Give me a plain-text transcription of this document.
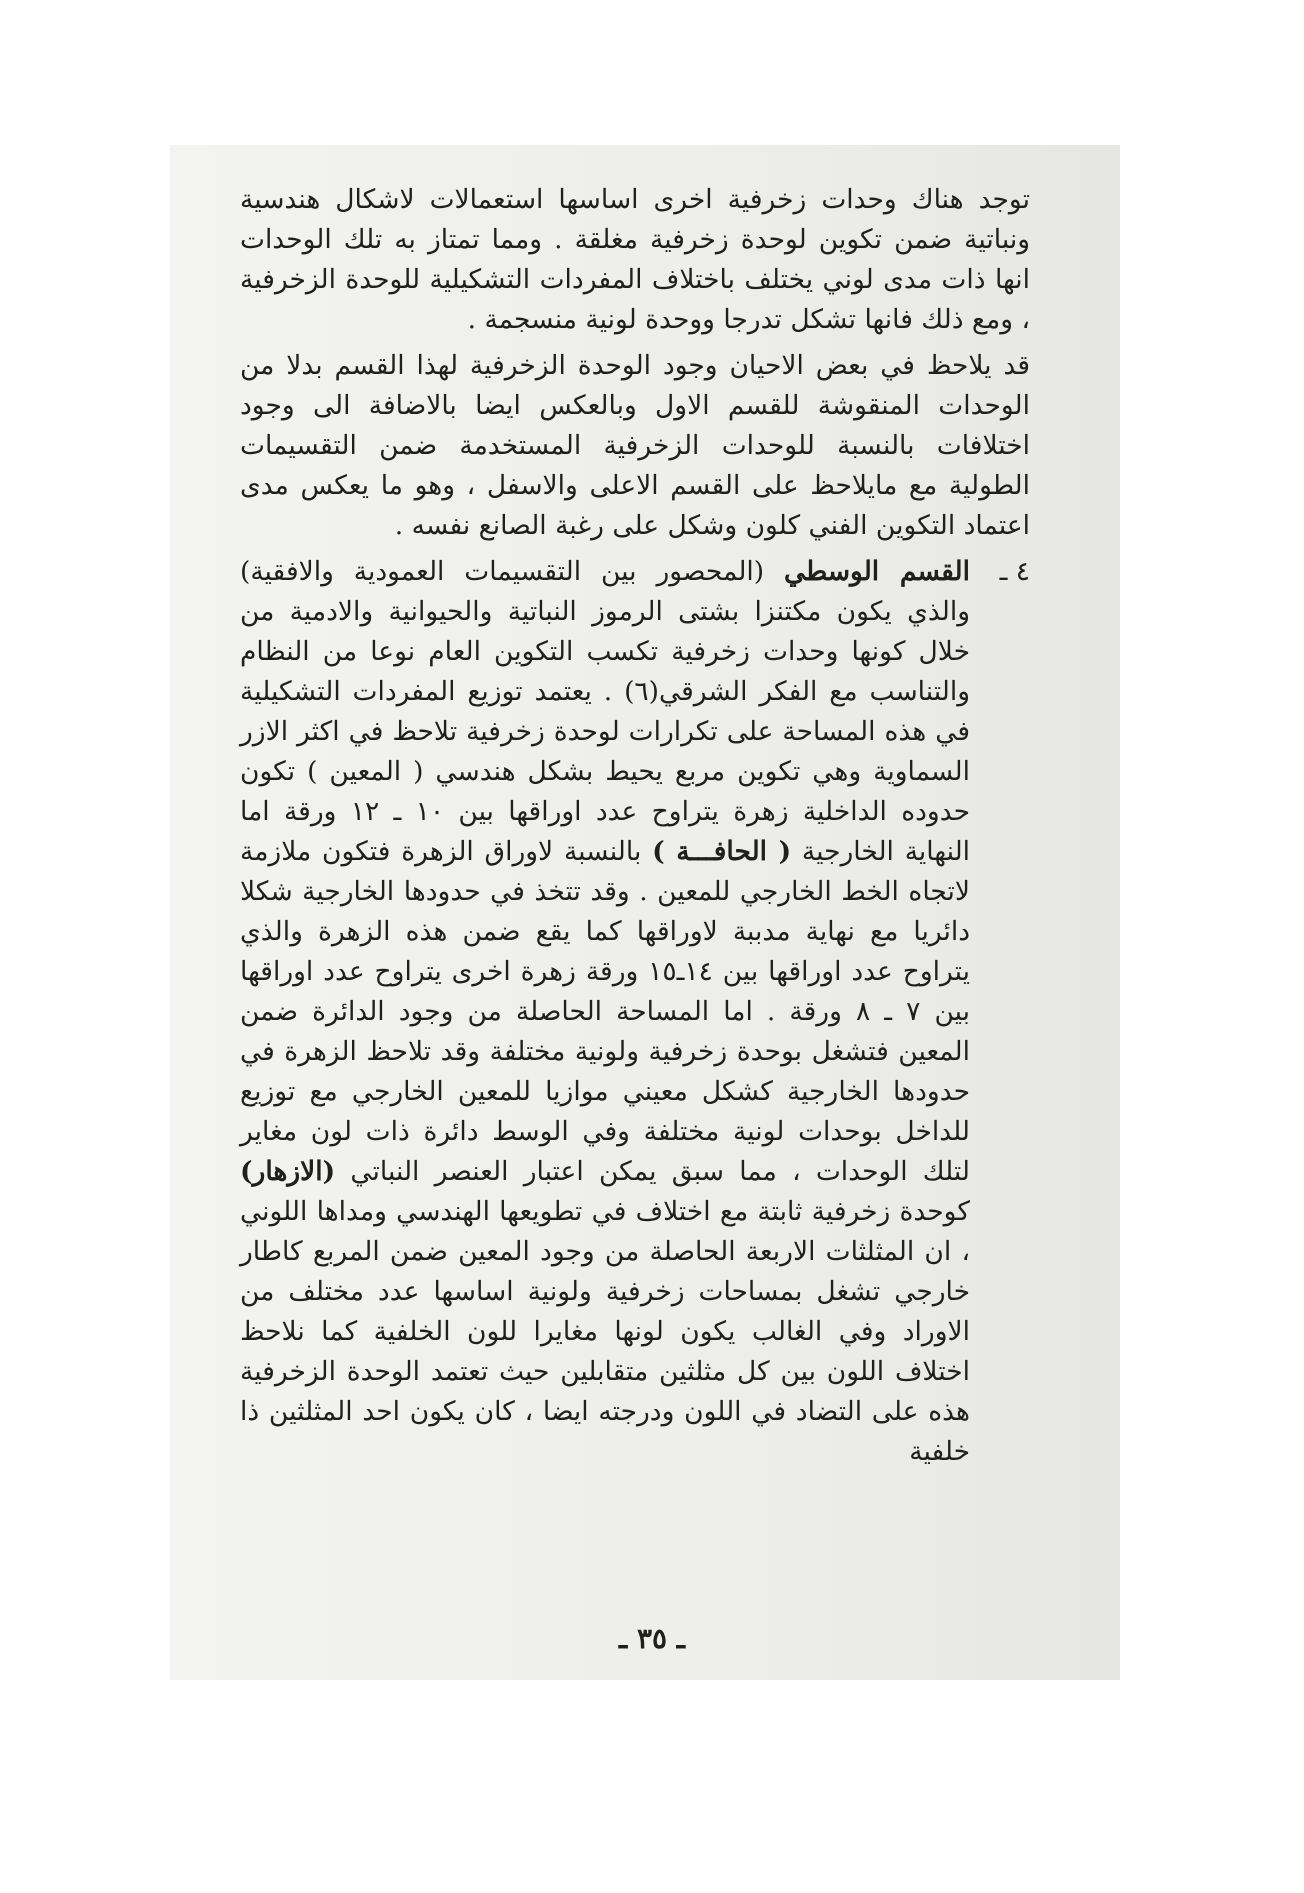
توجد هناك وحدات زخرفية اخرى اساسها استعمالات لاشكال هندسية ونباتية ضمن تكوين لوحدة زخرفية مغلقة . ومما تمتاز به تلك الوحدات انها ذات مدى لوني يختلف باختلاف المفردات التشكيلية للوحدة الزخرفية ، ومع ذلك فانها تشكل تدرجا ووحدة لونية منسجمة .

قد يلاحظ في بعض الاحيان وجود الوحدة الزخرفية لهذا القسم بدلا من الوحدات المنقوشة للقسم الاول وبالعكس ايضا بالاضافة الى وجود اختلافات بالنسبة للوحدات الزخرفية المستخدمة ضمن التقسيمات الطولية مع مايلاحظ على القسم الاعلى والاسفل ، وهو ما يعكس مدى اعتماد التكوين الفني كلون وشكل على رغبة الصانع نفسه .

٤ ـ
القسم الوسطي (المحصور بين التقسيمات العمودية والافقية) والذي يكون مكتنزا بشتى الرموز النباتية والحيوانية والادمية من خلال كونها وحدات زخرفية تكسب التكوين العام نوعا من النظام والتناسب مع الفكر الشرقي(٦) . يعتمد توزيع المفردات التشكيلية في هذه المساحة على تكرارات لوحدة زخرفية تلاحظ في اكثر الازر السماوية وهي تكوين مربع يحيط بشكل هندسي ( المعين ) تكون حدوده الداخلية زهرة يتراوح عدد اوراقها بين ١٠ ـ ١٢ ورقة اما النهاية الخارجية ( الحافـــة ) بالنسبة لاوراق الزهرة فتكون ملازمة لاتجاه الخط الخارجي للمعين . وقد تتخذ في حدودها الخارجية شكلا دائريا مع نهاية مدببة لاوراقها كما يقع ضمن هذه الزهرة والذي يتراوح عدد اوراقها بين ١٤ـ١٥ ورقة زهرة اخرى يتراوح عدد اوراقها بين ٧ ـ ٨ ورقة . اما المساحة الحاصلة من وجود الدائرة ضمن المعين فتشغل بوحدة زخرفية ولونية مختلفة وقد تلاحظ الزهرة في حدودها الخارجية كشكل معيني موازيا للمعين الخارجي مع توزيع للداخل بوحدات لونية مختلفة وفي الوسط دائرة ذات لون مغاير لتلك الوحدات ، مما سبق يمكن اعتبار العنصر النباتي (الازهار) كوحدة زخرفية ثابتة مع اختلاف في تطويعها الهندسي ومداها اللوني ، ان المثلثات الاربعة الحاصلة من وجود المعين ضمن المربع كاطار خارجي تشغل بمساحات زخرفية ولونية اساسها عدد مختلف من الاوراد وفي الغالب يكون لونها مغايرا للون الخلفية كما نلاحظ اختلاف اللون بين كل مثلثين متقابلين حيث تعتمد الوحدة الزخرفية هذه على التضاد في اللون ودرجته ايضا ، كان يكون احد المثلثين ذا خلفية
ـ ٣٥ ـ
